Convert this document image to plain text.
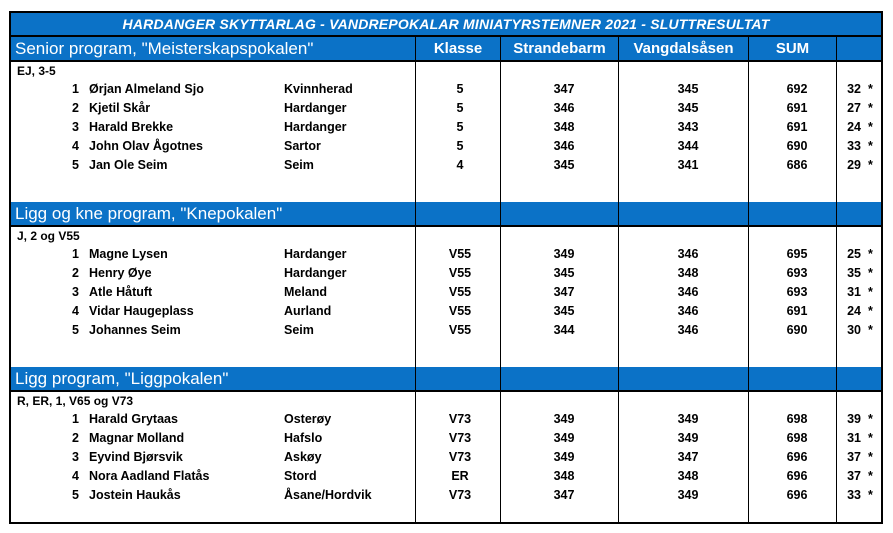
HARDANGER SKYTTARLAG - VANDREPOKALAR MINIATYRSTEMNER 2021 - SLUTTRESULTAT
Senior program, "Meisterskapspokalen"	Klasse	Strandebarm	Vangdalsåsen	SUM
EJ, 3-5
1 Ørjan Almeland Sjo	Kvinnherad	5	347	345	692	32 *
2 Kjetil Skår	Hardanger	5	346	345	691	27 *
3 Harald Brekke	Hardanger	5	348	343	691	24 *
4 John Olav Ågotnes	Sartor	5	346	344	690	33 *
5 Jan Ole Seim	Seim	4	345	341	686	29 *
Ligg og kne program, "Knepokalen"
J, 2 og V55
1 Magne Lysen	Hardanger	V55	349	346	695	25 *
2 Henry Øye	Hardanger	V55	345	348	693	35 *
3 Atle Håtuft	Meland	V55	347	346	693	31 *
4 Vidar Haugeplass	Aurland	V55	345	346	691	24 *
5 Johannes Seim	Seim	V55	344	346	690	30 *
Ligg program, "Liggpokalen"
R, ER, 1, V65 og V73
1 Harald Grytaas	Osterøy	V73	349	349	698	39 *
2 Magnar Molland	Hafslo	V73	349	349	698	31 *
3 Eyvind Bjørsvik	Askøy	V73	349	347	696	37 *
4 Nora Aadland Flatås	Stord	ER	348	348	696	37 *
5 Jostein Haukås	Åsane/Hordvik	V73	347	349	696	33 *
